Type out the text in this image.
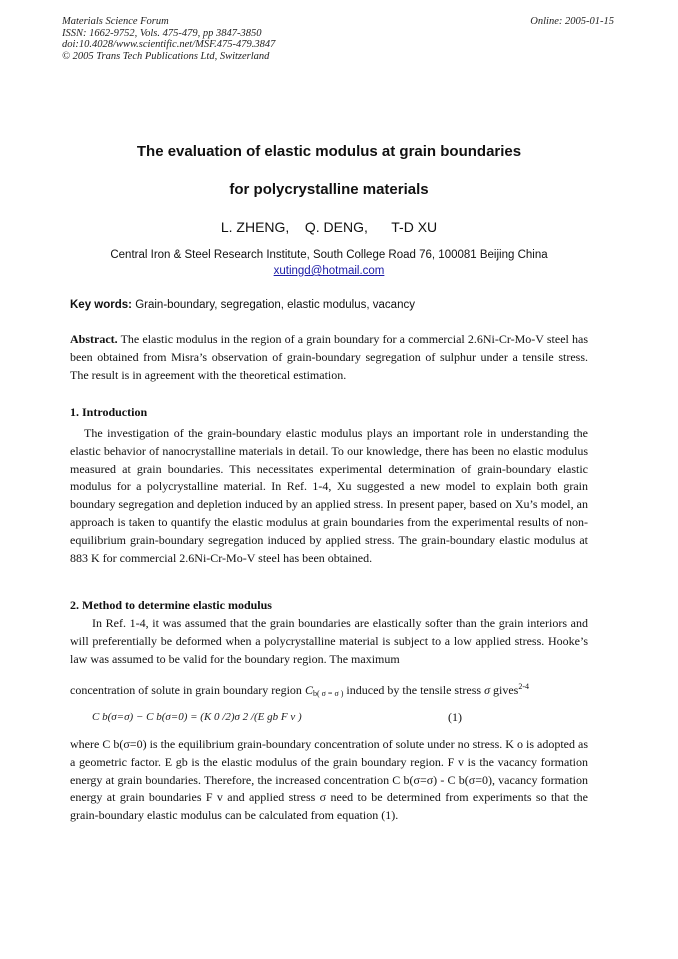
Materials Science Forum
ISSN: 1662-9752, Vols. 475-479, pp 3847-3850
doi:10.4028/www.scientific.net/MSF.475-479.3847
© 2005 Trans Tech Publications Ltd, Switzerland
Online: 2005-01-15
The evaluation of elastic modulus at grain boundaries
for polycrystalline materials
L. ZHENG, Q. DENG, T-D XU
Central Iron & Steel Research Institute, South College Road 76, 100081 Beijing China
xutingd@hotmail.com
Key words: Grain-boundary, segregation, elastic modulus, vacancy
Abstract. The elastic modulus in the region of a grain boundary for a commercial 2.6Ni-Cr-Mo-V steel has been obtained from Misra’s observation of grain-boundary segregation of sulphur under a tensile stress. The result is in agreement with the theoretical estimation.
1. Introduction
The investigation of the grain-boundary elastic modulus plays an important role in understanding the elastic behavior of nanocrystalline materials in detail. To our knowledge, there has been no elastic modulus measured at grain boundaries. This necessitates experimental determination of grain-boundary elastic modulus for a polycrystalline material. In Ref. 1-4, Xu suggested a new model to explain both grain boundary segregation and depletion induced by an applied stress. In present paper, based on Xu’s model, an approach is taken to quantify the elastic modulus at grain boundaries from the experimental results of non-equilibrium grain-boundary segregation induced by applied stress. The grain-boundary elastic modulus at 883 K for commercial 2.6Ni-Cr-Mo-V steel has been obtained.
2. Method to determine elastic modulus
In Ref. 1-4, it was assumed that the grain boundaries are elastically softer than the grain interiors and will preferentially be deformed when a polycrystalline material is subject to a low applied stress. Hooke’s law was assumed to be valid for the boundary region. The maximum
concentration of solute in grain boundary region $C_{b( \sigma = \sigma )}$ induced by the tensile stress σ gives$^{2-4}$
C b(σ=σ) − C b(σ=0) = (K 0 /2)σ 2 /(E gb F v )	(1)
where C b(σ=0) is the equilibrium grain-boundary concentration of solute under no stress. K o is adopted as a geometric factor. E gb is the elastic modulus of the grain boundary region. F v is the vacancy formation energy at grain boundaries. Therefore, the increased concentration C b(σ=σ) - C b(σ=0), vacancy formation energy at grain boundaries F v and applied stress σ need to be determined from experiments so that the grain-boundary elastic modulus can be calculated from equation (1).
